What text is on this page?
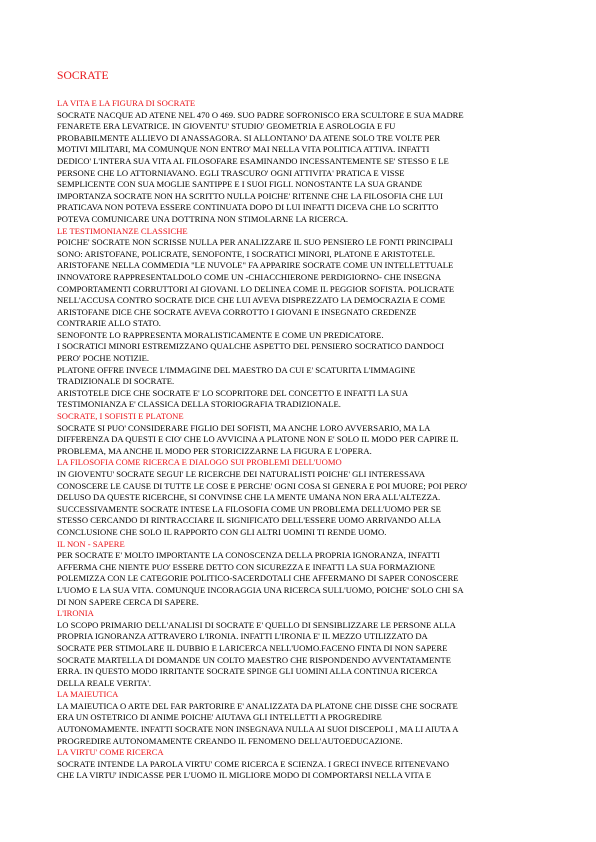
SOCRATE
LA VITA E LA FIGURA DI SOCRATE
SOCRATE NACQUE AD ATENE NEL 470 O 469. SUO PADRE SOFRONISCO ERA SCULTORE E SUA MADRE
FENARETE ERA LEVATRICE. IN GIOVENTU' STUDIO' GEOMETRIA E ASROLOGIA E FU
PROBABILMENTE ALLIEVO DI ANASSAGORA. SI ALLONTANO' DA ATENE SOLO TRE VOLTE PER
MOTIVI MILITARI, MA COMUNQUE NON ENTRO' MAI NELLA VITA POLITICA ATTIVA. INFATTI
DEDICO' L'INTERA SUA VITA AL FILOSOFARE ESAMINANDO INCESSANTEMENTE SE' STESSO E LE
PERSONE CHE LO ATTORNIAVANO. EGLI TRASCURO' OGNI ATTIVITA' PRATICA E VISSE
SEMPLICENTE CON SUA MOGLIE SANTIPPE E I SUOI FIGLI. NONOSTANTE LA SUA GRANDE
IMPORTANZA SOCRATE NON HA SCRITTO NULLA POICHE' RITENNE CHE LA FILOSOFIA CHE LUI
PRATICAVA NON POTEVA ESSERE CONTINUATA DOPO DI LUI INFATTI DICEVA CHE LO SCRITTO
POTEVA COMUNICARE UNA DOTTRINA NON STIMOLARNE LA RICERCA.
LE TESTIMONIANZE CLASSICHE
POICHE' SOCRATE NON SCRISSE NULLA PER ANALIZZARE IL SUO PENSIERO LE FONTI PRINCIPALI
SONO: ARISTOFANE, POLICRATE, SENOFONTE, I SOCRATICI MINORI, PLATONE E ARISTOTELE.
ARISTOFANE NELLA COMMEDIA "LE NUVOLE" FA APPARIRE SOCRATE COME UN INTELLETTUALE
INNOVATORE RAPPRESENTALDOLO COME UN -CHIACCHIERONE PERDIGIORNO- CHE INSEGNA
COMPORTAMENTI CORRUTTORI AI GIOVANI. LO DELINEA COME IL PEGGIOR SOFISTA. POLICRATE
NELL'ACCUSA CONTRO SOCRATE DICE CHE LUI AVEVA DISPREZZATO LA DEMOCRAZIA E COME
ARISTOFANE DICE CHE SOCRATE AVEVA CORROTTO I GIOVANI E INSEGNATO CREDENZE
CONTRARIE ALLO STATO.
SENOFONTE LO RAPPRESENTA MORALISTICAMENTE E COME UN PREDICATORE.
I SOCRATICI MINORI ESTREMIZZANO QUALCHE ASPETTO DEL PENSIERO SOCRATICO DANDOCI
PERO' POCHE NOTIZIE.
PLATONE OFFRE INVECE L'IMMAGINE DEL MAESTRO DA CUI E' SCATURITA L'IMMAGINE
TRADIZIONALE DI SOCRATE.
ARISTOTELE DICE CHE SOCRATE E' LO SCOPRITORE DEL CONCETTO E INFATTI LA SUA
TESTIMONIANZA E' CLASSICA DELLA STORIOGRAFIA TRADIZIONALE.
SOCRATE, I SOFISTI E PLATONE
SOCRATE SI PUO' CONSIDERARE FIGLIO DEI SOFISTI, MA ANCHE LORO AVVERSARIO, MA LA
DIFFERENZA DA QUESTI E CIO' CHE LO AVVICINA A PLATONE NON E' SOLO IL MODO PER CAPIRE IL
PROBLEMA, MA ANCHE IL MODO PER STORICIZZARNE LA FIGURA E L'OPERA.
LA FILOSOFIA COME RICERCA E DIALOGO SUI PROBLEMI DELL'UOMO
IN GIOVENTU' SOCRATE SEGUI' LE RICERCHE DEI NATURALISTI POICHE' GLI INTERESSAVA
CONOSCERE LE CAUSE DI TUTTE LE COSE E PERCHE' OGNI COSA SI GENERA E POI MUORE; POI PERO'
DELUSO DA QUESTE RICERCHE, SI CONVINSE CHE LA MENTE UMANA NON ERA ALL'ALTEZZA.
SUCCESSIVAMENTE SOCRATE INTESE LA FILOSOFIA COME UN PROBLEMA DELL'UOMO PER SE
STESSO CERCANDO DI RINTRACCIARE IL SIGNIFICATO DELL'ESSERE UOMO ARRIVANDO ALLA
CONCLUSIONE CHE SOLO IL RAPPORTO CON GLI ALTRI UOMINI TI RENDE UOMO.
IL NON - SAPERE
PER SOCRATE E' MOLTO IMPORTANTE LA CONOSCENZA DELLA PROPRIA IGNORANZA, INFATTI
AFFERMA CHE NIENTE PUO' ESSERE DETTO CON SICUREZZA E INFATTI LA SUA FORMAZIONE
POLEMIZZA CON LE CATEGORIE POLITICO-SACERDOTALI CHE AFFERMANO DI SAPER CONOSCERE
L'UOMO E LA SUA VITA. COMUNQUE INCORAGGIA UNA RICERCA SULL'UOMO, POICHE' SOLO CHI SA
DI NON SAPERE CERCA DI SAPERE.
L'IRONIA
LO SCOPO PRIMARIO DELL'ANALISI DI SOCRATE E' QUELLO DI SENSIBLIZZARE LE PERSONE ALLA
PROPRIA IGNORANZA ATTRAVERO L'IRONIA. INFATTI L'IRONIA E' IL MEZZO UTILIZZATO DA
SOCRATE PER STIMOLARE IL DUBBIO E LARICERCA NELL'UOMO.FACENO FINTA DI NON SAPERE
SOCRATE MARTELLA DI DOMANDE UN COLTO MAESTRO CHE RISPONDENDO AVVENTATAMENTE
ERRA. IN QUESTO MODO IRRITANTE SOCRATE SPINGE GLI UOMINI ALLA CONTINUA RICERCA
DELLA REALE VERITA'.
LA MAIEUTICA
LA MAIEUTICA O ARTE DEL FAR PARTORIRE E' ANALIZZATA DA PLATONE CHE DISSE CHE SOCRATE
ERA UN OSTETRICO DI ANIME POICHE' AIUTAVA GLI INTELLETTI A PROGREDIRE
AUTONOMAMENTE. INFATTI SOCRATE NON INSEGNAVA NULLA AI SUOI DISCEPOLI , MA LI AIUTA A
PROGREDIRE AUTONOMAMENTE CREANDO IL FENOMENO DELL'AUTOEDUCAZIONE.
LA VIRTU' COME RICERCA
SOCRATE INTENDE LA PAROLA VIRTU' COME RICERCA E SCIENZA. I GRECI INVECE RITENEVANO
CHE LA VIRTU' INDICASSE PER L'UOMO IL MIGLIORE MODO DI COMPORTARSI NELLA VITA E
